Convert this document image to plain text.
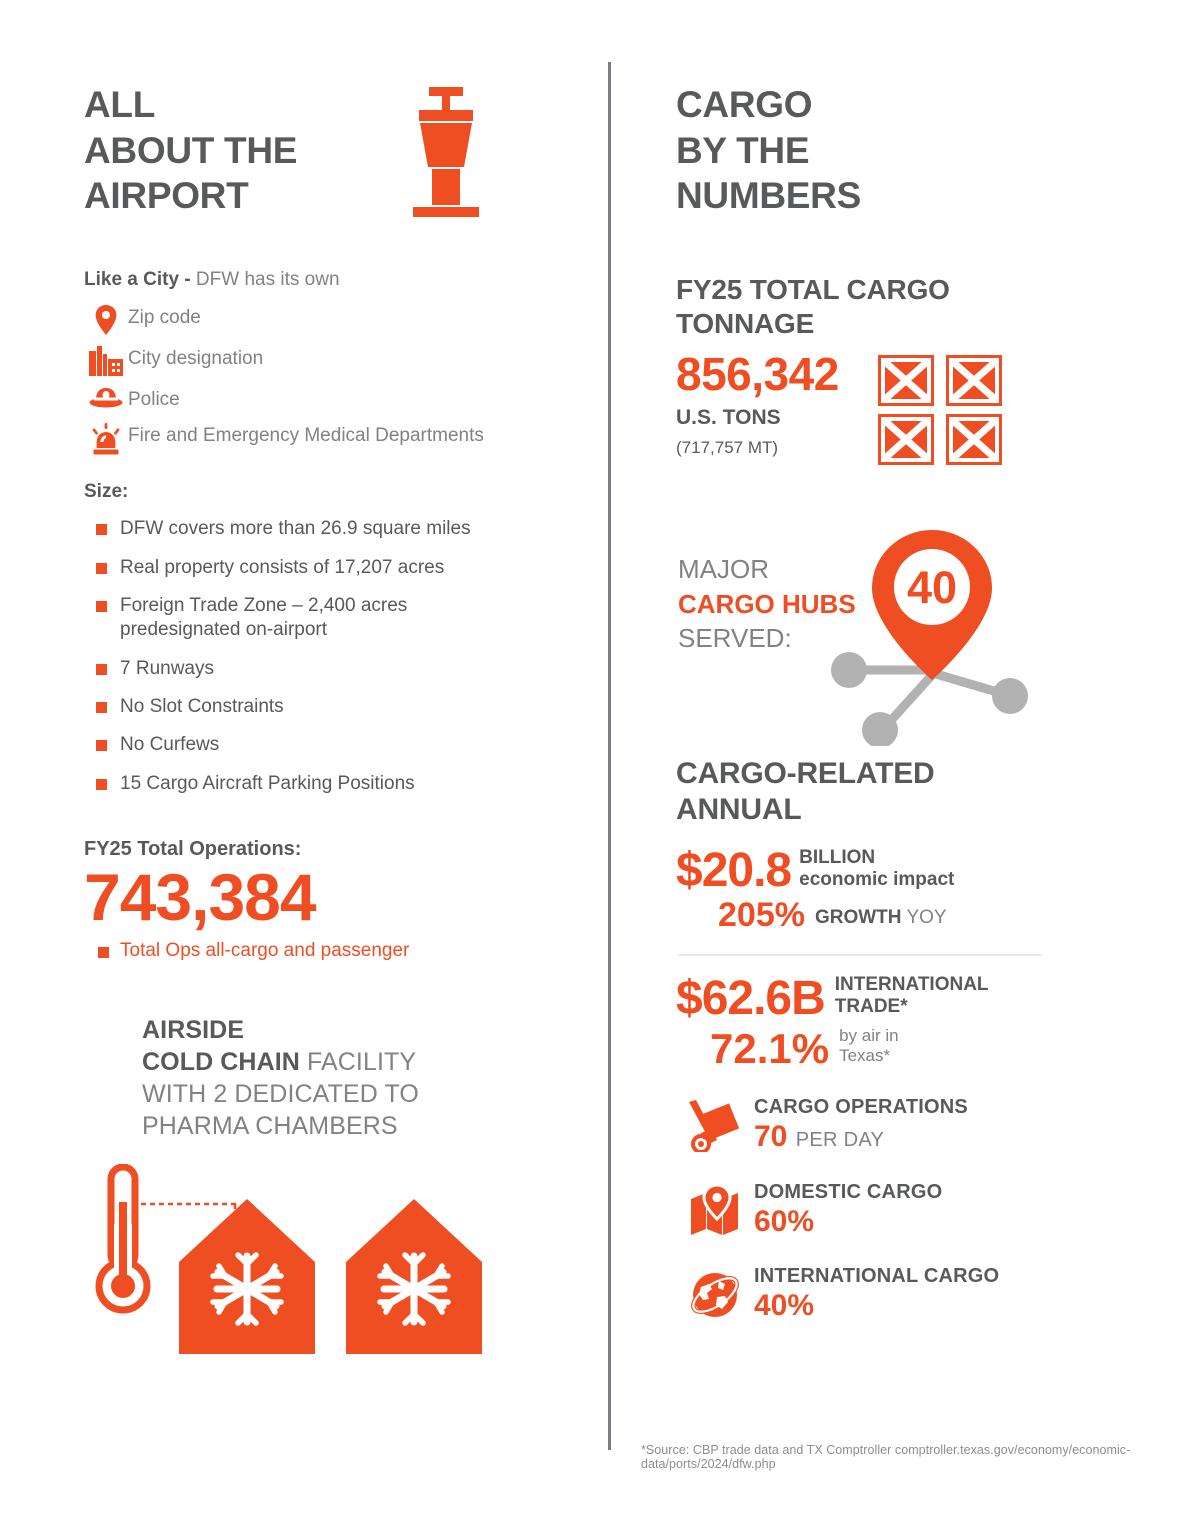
ALL
ABOUT THE
AIRPORT
Like a City - DFW has its own
Zip code
City designation
Police
Fire and Emergency Medical Departments
Size:
DFW covers more than 26.9 square miles
Real property consists of 17,207 acres
Foreign Trade Zone – 2,400 acres predesignated on-airport
7 Runways
No Slot Constraints
No Curfews
15 Cargo Aircraft Parking Positions
FY25 Total Operations:
743,384
Total Ops all-cargo and passenger
AIRSIDE
COLD CHAIN FACILITY
WITH 2 DEDICATED TO
PHARMA CHAMBERS
CARGO
BY THE
NUMBERS
FY25 TOTAL CARGO
TONNAGE
856,342
U.S. TONS
(717,757 MT)
MAJOR
CARGO HUBS
SERVED:
40
CARGO-RELATED
ANNUAL
$20.8 BILLION
economic impact
205% GROWTH YOY
$62.6B INTERNATIONAL
TRADE*
72.1% by air in
Texas*
CARGO OPERATIONS
70 PER DAY
DOMESTIC CARGO
60%
INTERNATIONAL CARGO
40%
*Source: CBP trade data and TX Comptroller comptroller.texas.gov/economy/economic-data/ports/2024/dfw.php
